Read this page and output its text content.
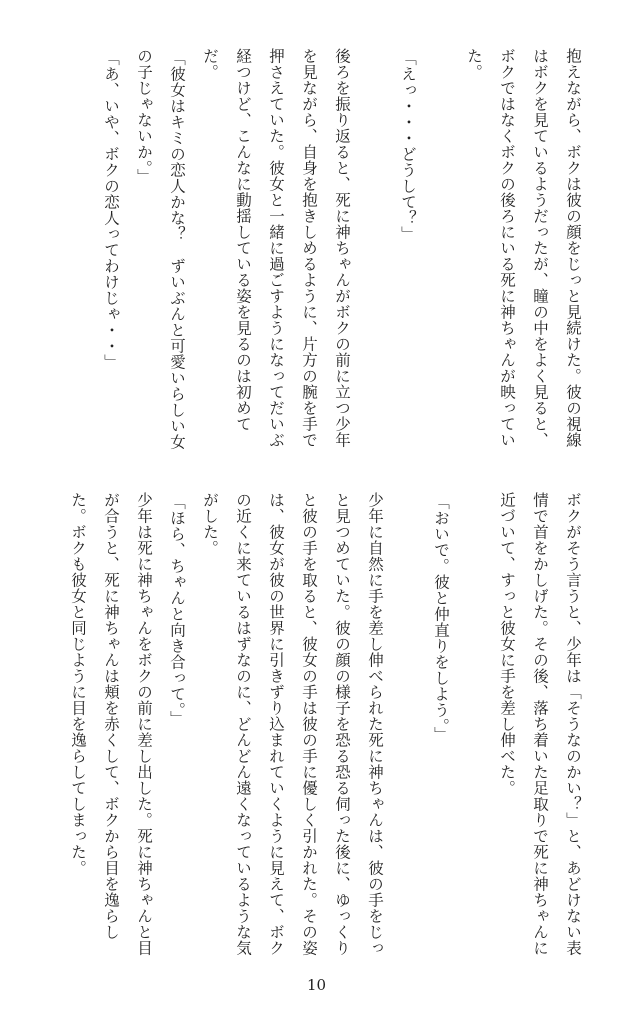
抱えながら、ボクは彼の顔をじっと見続けた。彼の視線
はボクを見ているようだったが、瞳の中をよく見ると、
ボクではなくボクの後ろにいる死に神ちゃんが映ってい
た。
「えっ・・・どうして？」
後ろを振り返ると、死に神ちゃんがボクの前に立つ少年
を見ながら、自身を抱きしめるように、片方の腕を手で
押さえていた。彼女と一緒に過ごすようになってだいぶ
経つけど、こんなに動揺している姿を見るのは初めて
だ。
「彼女はキミの恋人かな？　ずいぶんと可愛いらしい女
の子じゃないか。」
「あ、いや、ボクの恋人ってわけじゃ・・」
ボクがそう言うと、少年は「そうなのかい？」と、あどけない表
情で首をかしげた。その後、落ち着いた足取りで死に神ちゃんに
近づいて、すっと彼女に手を差し伸べた。
「おいで。彼と仲直りをしよう。」
少年に自然に手を差し伸べられた死に神ちゃんは、彼の手をじっ
と見つめていた。彼の顔の様子を恐る恐る伺った後に、ゆっくり
と彼の手を取ると、彼女の手は彼の手に優しく引かれた。その姿
は、彼女が彼の世界に引きずり込まれていくように見えて、ボク
の近くに来ているはずなのに、どんどん遠くなっているような気
がした。
「ほら、ちゃんと向き合って。」
少年は死に神ちゃんをボクの前に差し出した。死に神ちゃんと目
が合うと、死に神ちゃんは頬を赤くして、ボクから目を逸らし
た。ボクも彼女と同じように目を逸らしてしまった。
10
